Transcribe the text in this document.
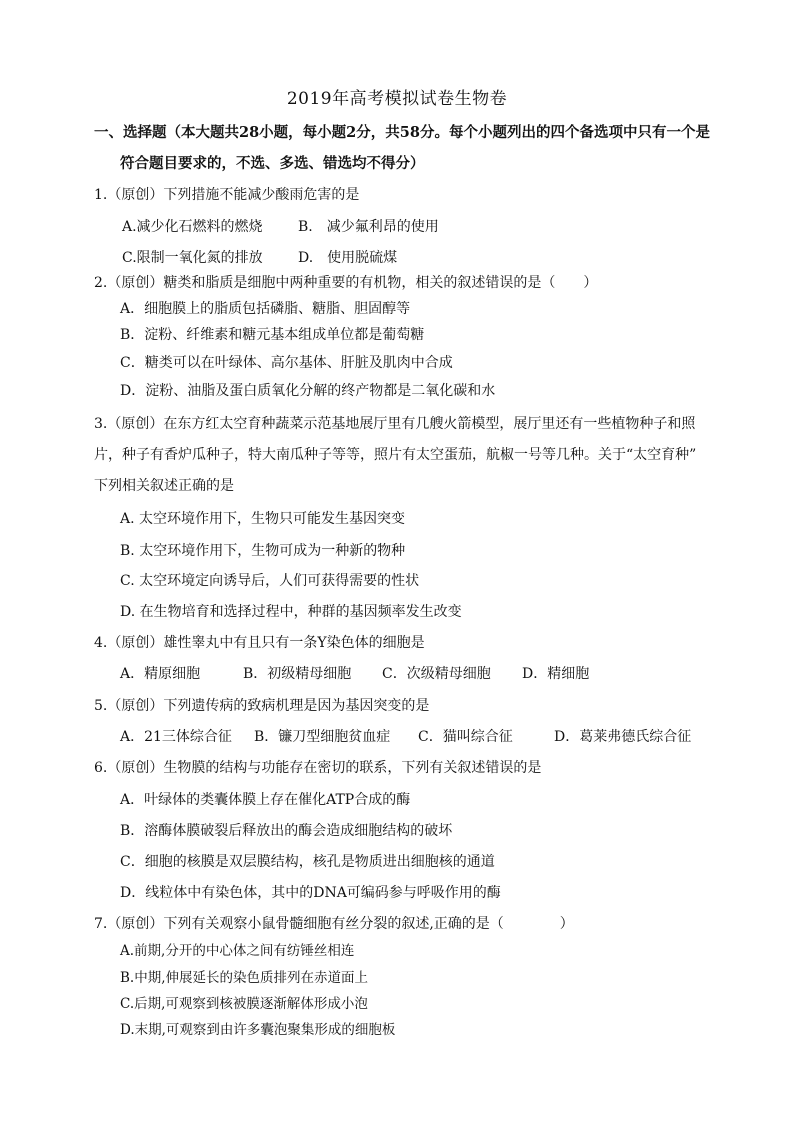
2019年高考模拟试卷生物卷
一、选择题（本大题共28小题，每小题2分，共58分。每个小题列出的四个备选项中只有一个是
符合题目要求的，不选、多选、错选均不得分）
1.（原创）下列措施不能减少酸雨危害的是
A.减少化石燃料的燃烧	B.　减少氟利昂的使用
C.限制一氧化氮的排放	D.　使用脱硫煤
2.（原创）糖类和脂质是细胞中两种重要的有机物，相关的叙述错误的是（　　）
A．细胞膜上的脂质包括磷脂、糖脂、胆固醇等
B．淀粉、纤维素和糖元基本组成单位都是葡萄糖
C．糖类可以在叶绿体、高尔基体、肝脏及肌肉中合成
D．淀粉、油脂及蛋白质氧化分解的终产物都是二氧化碳和水
3.（原创）在东方红太空育种蔬菜示范基地展厅里有几艘火箭模型，展厅里还有一些植物种子和照
片，种子有香炉瓜种子，特大南瓜种子等等，照片有太空蛋茄，航椒一号等几种。关于“太空育种”
下列相关叙述正确的是
A. 太空环境作用下，生物只可能发生基因突变
B. 太空环境作用下，生物可成为一种新的物种
C. 太空环境定向诱导后，人们可获得需要的性状
D. 在生物培育和选择过程中，种群的基因频率发生改变
4.（原创）雄性睾丸中有且只有一条Y染色体的细胞是
A．精原细胞	B．初级精母细胞 C．次级精母细胞 D．精细胞
5.（原创）下列遗传病的致病机理是因为基因突变的是
A．21三体综合征 B．镰刀型细胞贫血症 C．猫叫综合征	D．葛莱弗德氏综合征
6.（原创）生物膜的结构与功能存在密切的联系，下列有关叙述错误的是
A．叶绿体的类囊体膜上存在催化ATP合成的酶
B．溶酶体膜破裂后释放出的酶会造成细胞结构的破坏
C．细胞的核膜是双层膜结构，核孔是物质进出细胞核的通道
D．线粒体中有染色体，其中的DNA可编码参与呼吸作用的酶
7.（原创）下列有关观察小鼠骨髓细胞有丝分裂的叙述,正确的是（　　　　）
A.前期,分开的中心体之间有纺锤丝相连
B.中期,伸展延长的染色质排列在赤道面上
C.后期,可观察到核被膜逐渐解体形成小泡
D.末期,可观察到由许多囊泡聚集形成的细胞板
